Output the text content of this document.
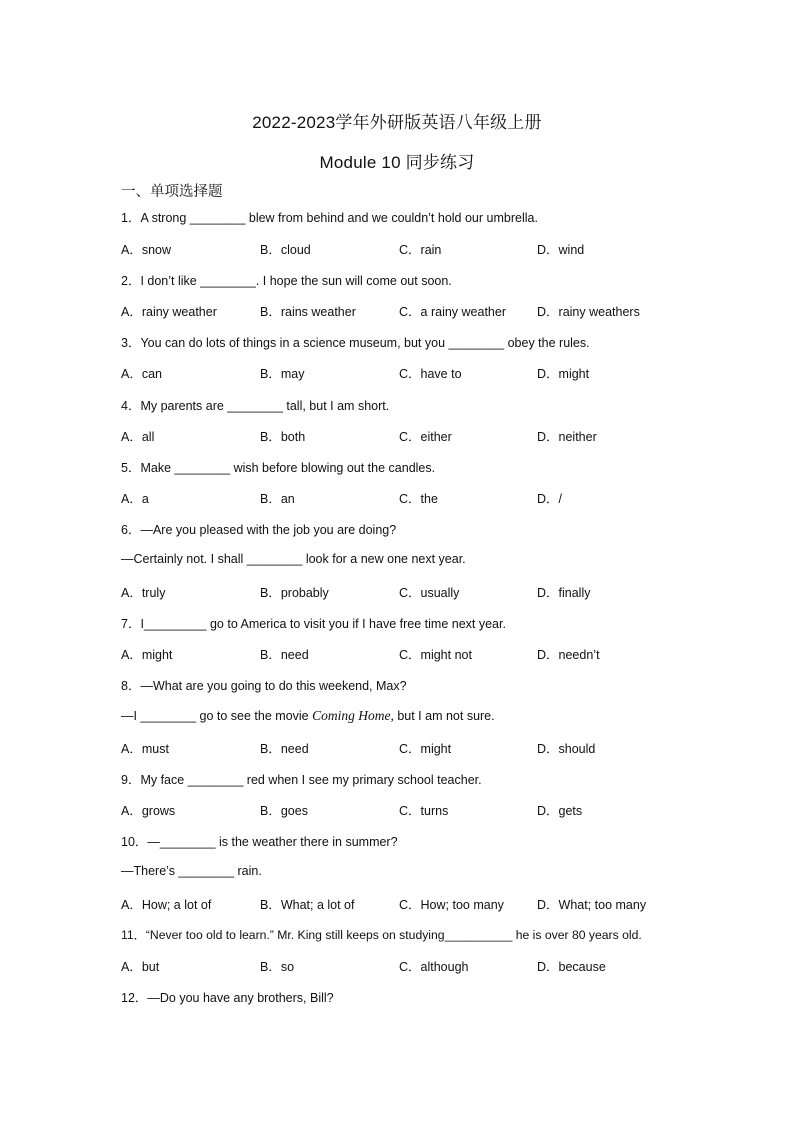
2022-2023学年外研版英语八年级上册
Module 10 同步练习
一、单项选择题
1．A strong ________ blew from behind and we couldn’t hold our umbrella.
A．snow	B．cloud	C．rain	D．wind
2．I don’t like ________. I hope the sun will come out soon.
A．rainy weather	B．rains weather	C．a rainy weather D．rainy weathers
3．You can do lots of things in a science museum, but you ________ obey the rules.
A．can	B．may	C．have to	D．might
4．My parents are ________ tall, but I am short.
A．all	B．both	C．either	D．neither
5．Make ________ wish before blowing out the candles.
A．a	B．an	C．the	D．/
6．—Are you pleased with the job you are doing?
—Certainly not. I shall ________ look for a new one next year.
A．truly	B．probably	C．usually	D．finally
7．I_________ go to America to visit you if I have free time next year.
A．might	B．need	C．might not	D．needn’t
8．—What are you going to do this weekend, Max?
—I ________ go to see the movie Coming Home, but I am not sure.
A．must	B．need	C．might	D．should
9．My face ________ red when I see my primary school teacher.
A．grows	B．goes	C．turns	D．gets
10．—________ is the weather there in summer?
—There’s ________ rain.
A．How; a lot of	B．What; a lot of	C．How; too many	D．What; too many
11．“Never too old to learn.” Mr. King still keeps on studying__________ he is over 80 years old.
A．but	B．so	C．although	D．because
12．—Do you have any brothers, Bill?
